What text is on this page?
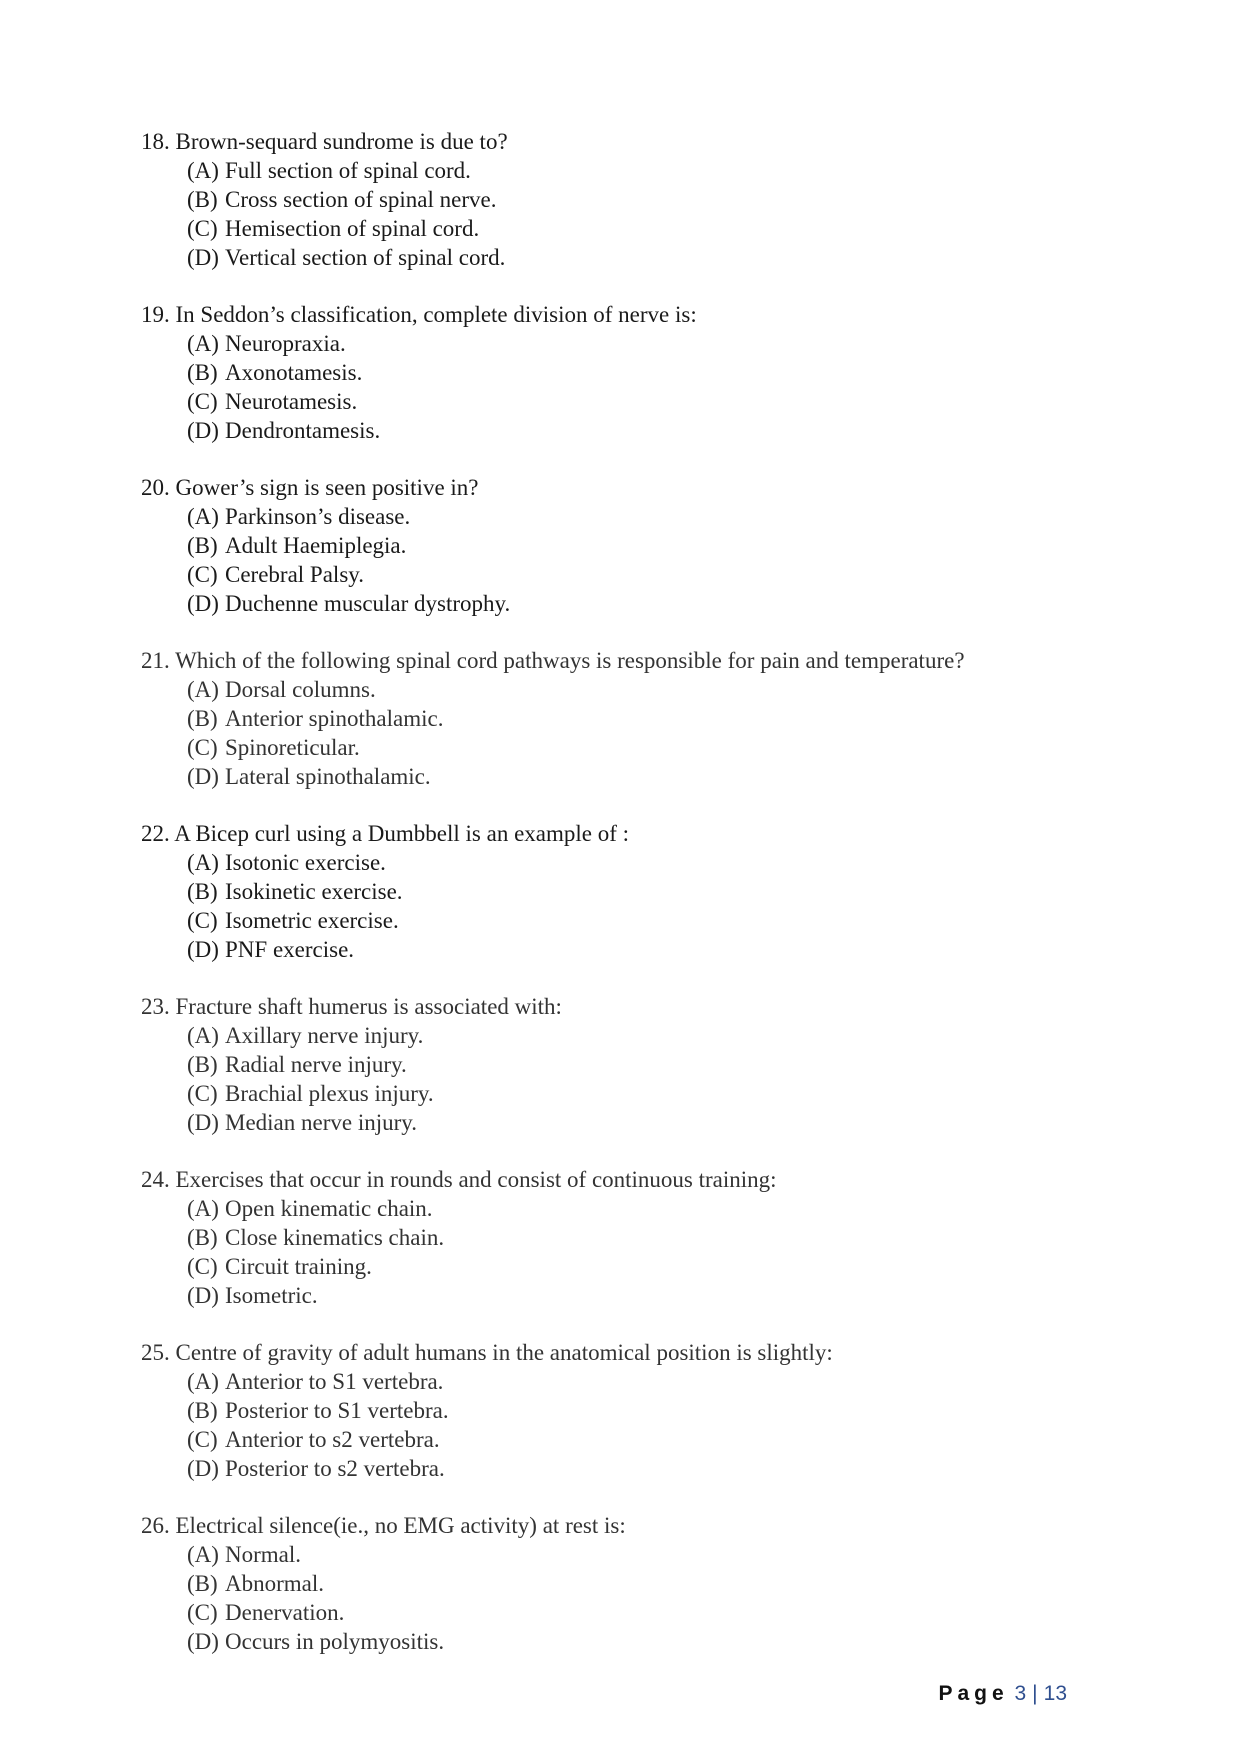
18. Brown-sequard sundrome is due to?
(A) Full section of spinal cord.
(B) Cross section of spinal nerve.
(C) Hemisection of spinal cord.
(D) Vertical section of spinal cord.
19. In Seddon’s classification, complete division of nerve is:
(A) Neuropraxia.
(B) Axonotamesis.
(C) Neurotamesis.
(D) Dendrontamesis.
20. Gower’s sign is seen positive in?
(A) Parkinson’s disease.
(B) Adult Haemiplegia.
(C) Cerebral Palsy.
(D) Duchenne muscular dystrophy.
21. Which of the following spinal cord pathways is responsible for pain and temperature?
(A) Dorsal columns.
(B) Anterior spinothalamic.
(C) Spinoreticular.
(D) Lateral spinothalamic.
22. A Bicep curl using a Dumbbell is an example of :
(A) Isotonic exercise.
(B) Isokinetic exercise.
(C) Isometric exercise.
(D) PNF exercise.
23. Fracture shaft humerus is associated with:
(A) Axillary nerve injury.
(B) Radial nerve injury.
(C) Brachial plexus injury.
(D) Median nerve injury.
24. Exercises that occur in rounds and consist of continuous training:
(A) Open kinematic chain.
(B) Close kinematics chain.
(C) Circuit training.
(D) Isometric.
25. Centre of gravity of adult humans in the anatomical position is slightly:
(A) Anterior to S1 vertebra.
(B) Posterior to S1 vertebra.
(C) Anterior to s2 vertebra.
(D) Posterior to s2 vertebra.
26. Electrical silence(ie., no EMG activity) at rest is:
(A) Normal.
(B) Abnormal.
(C) Denervation.
(D) Occurs in polymyositis.
Page 3 | 13
